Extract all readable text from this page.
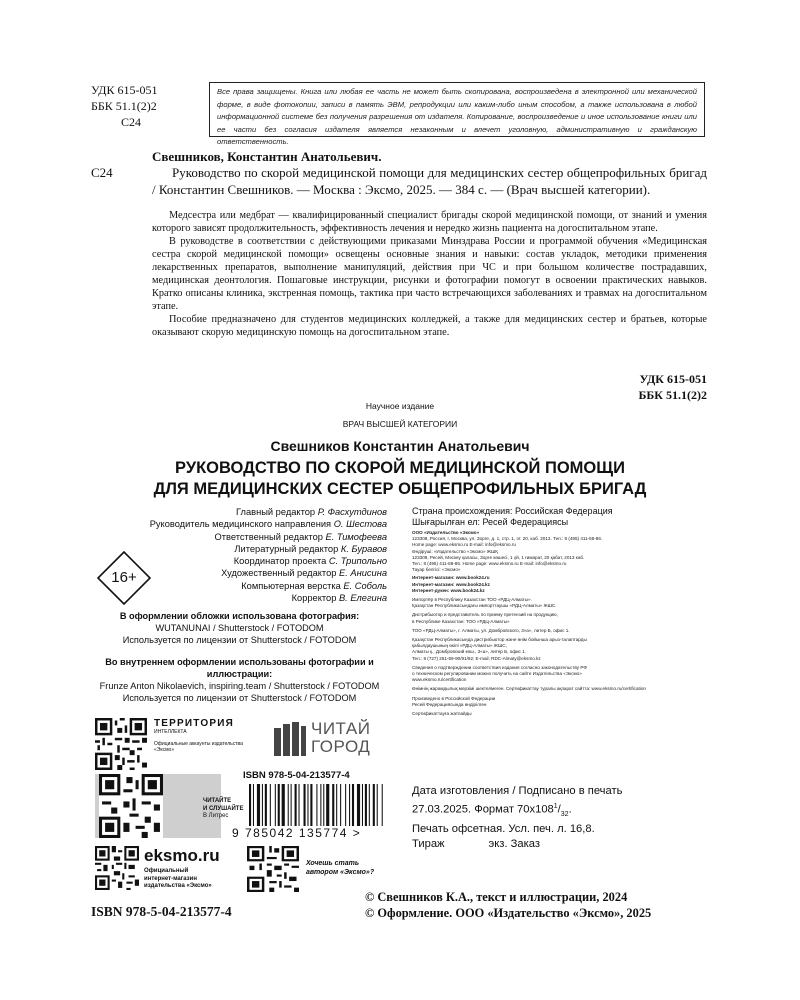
УДК 615-051
ББК 51.1(2)2
С24
Все права защищены. Книга или любая ее часть не может быть скопирована, воспроизведена в электронной или механической форме, в виде фотокопии, записи в память ЭВМ, репродукции или каким-либо иным способом, а также использована в любой информационной системе без получения разрешения от издателя. Копирование, воспроизведение и иное использование книги или ее части без согласия издателя является незаконным и влечет уголовную, административную и гражданскую ответственность.
С24
Свешников, Константин Анатольевич.
Руководство по скорой медицинской помощи для медицинских сестер общепрофильных бригад / Константин Свешников. — Москва : Эксмо, 2025. — 384 с. — (Врач высшей категории).

Медсестра или медбрат — квалифицированный специалист бригады скорой медицинской помощи, от знаний и умения которого зависят продолжительность, эффективность лечения и нередко жизнь пациента на догоспитальном этапе.

В руководстве в соответствии с действующими приказами Минздрава России и программой обучения «Медицинская сестра скорой медицинской помощи» освещены основные знания и навыки: состав укладок, методики применения лекарственных препаратов, выполнение манипуляций, действия при ЧС и при большом количестве пострадавших, медицинская деонтология. Пошаговые инструкции, рисунки и фотографии помогут в освоении практических навыков. Кратко описаны клиника, экстренная помощь, тактика при часто встречающихся заболеваниях и травмах на догоспитальном этапе.

Пособие предназначено для студентов медицинских колледжей, а также для медицинских сестер и братьев, которые оказывают скорую медицинскую помощь на догоспитальном этапе.

УДК 615-051
ББК 51.1(2)2
Научное издание
ВРАЧ ВЫСШЕЙ КАТЕГОРИИ
Свешников Константин Анатольевич
РУКОВОДСТВО ПО СКОРОЙ МЕДИЦИНСКОЙ ПОМОЩИ
ДЛЯ МЕДИЦИНСКИХ СЕСТЕР ОБЩЕПРОФИЛЬНЫХ БРИГАД
Главный редактор Р. Фасхутдинов
Руководитель медицинского направления О. Шестова
Ответственный редактор Е. Тимофеева
Литературный редактор К. Буравов
Координатор проекта С. Трипольно
Художественный редактор Е. Анисина
Компьютерная верстка Е. Соболь
Корректор В. Елегина
16+
В оформлении обложки использована фотография:
WUTANUNAI / Shutterstock / FOTODOM
Используется по лицензии от Shutterstock / FOTODOM
Во внутреннем оформлении использованы фотографии и иллюстрации:
Frunze Anton Nikolaevich, inspiring.team / Shutterstock / FOTODOM
Используется по лицензии от Shutterstock / FOTODOM
Страна происхождения: Российская Федерация
Шығарылған ел: Ресей Федерациясы
ООО «Издательство «Эксмо»
123308, Россия, г. Москва, ул. Зорге, д. 1, стр. 1, эт. 20, каб. 2013. Тел.: 8 (495) 411-68-86.
Home page: www.eksmo.ru E-mail: info@eksmo.ru
Өндіруші: «Издательство «Эксмо» ЖШҚ
123308, Ресей, Мәскеу қаласы, Зорге көшесі, 1 үй, 1 ғимарат, 20 қабат, 2013 каб.
Тел.: 8 (495) 411-68-86. Home page: www.eksmo.ru E-mail: info@eksmo.ru
Тауар белгісі: «Эксмо»
Интернет-магазин: www.book24.ru
Интернет-магазин: www.book24.kz
Интернет-дүкен: www.book24.kz
Импортёр в Республику Казахстан ТОО «РДЦ-Алматы».
Қазақстан Республикасындағы импорттаушы «РДЦ-Алматы» ЖШС.
Дистрибьютор и представитель по приему претензий на продукцию,
в Республике Казахстан: ТОО «РДЦ-Алматы»
ТОО «РДЦ-Алматы», г. Алматы, ул. Домбровского, 3«а», литер Б, офис 1.
Қазақстан Республикасында дистрибьютор және өнім бойынша арыз-талаптарды
қабылдаушының өкілі «РДЦ-Алматы» ЖШС,
Алматы қ., Домбровский көш., 3«а», литер Б, офис 1.
Тел.: 8 (727) 251-59-90/91/92; E-mail: RDC-Almaty@eksmo.kz
Сведения о подтверждении соответствия издания согласно законодательству РФ
о техническом регулировании можно получить на сайте Издательства «Эксмо»
www.eksmo.ru/certification
Өнімнің жарамдылық мерзімі шектелмеген. Сертификаттау туралы ақпарат сайтта: www.eksmo.ru/certification
Произведено в Российской Федерации
Ресей Федерациясында өндірілген
Сертификаттауға жатпайды
Дата изготовления / Подписано в печать
27.03.2025. Формат $70x108^1/_{32}$.
Печать офсетная. Усл. печ. л. 16,8.
Тираж	экз. Заказ
ТЕРРИТОРИЯ
ИНТЕЛЛЕКТА
Официальные аккаунты издательства «Эксмо»
ЧИТАЙ
ГОРОД
ЧИТАЙТЕ
И СЛУШАЙТЕ
В Литрес
ISBN 978-5-04-213577-4
9 785042 135774 >
eksmo.ru
Официальный
интернет-магазин
издательства «Эксмо»
Хочешь стать
автором «Эксмо»?
ISBN 978-5-04-213577-4
© Свешников К.А., текст и иллюстрации, 2024
© Оформление. ООО «Издательство «Эксмо», 2025
